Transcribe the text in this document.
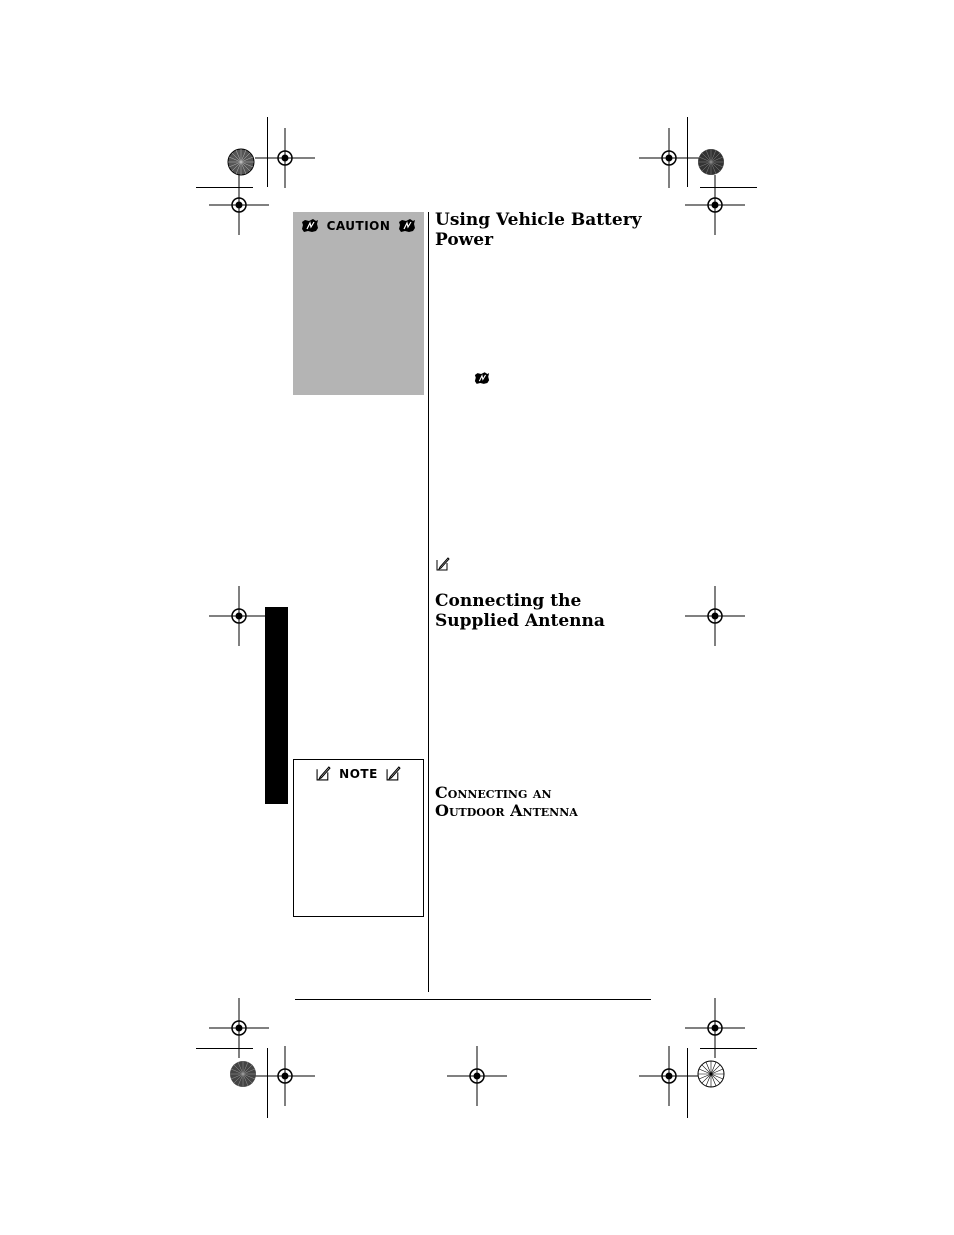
CAUTION
NOTE
Using Vehicle Battery
Power
Connecting the
Supplied Antenna
Connecting an
Outdoor Antenna
